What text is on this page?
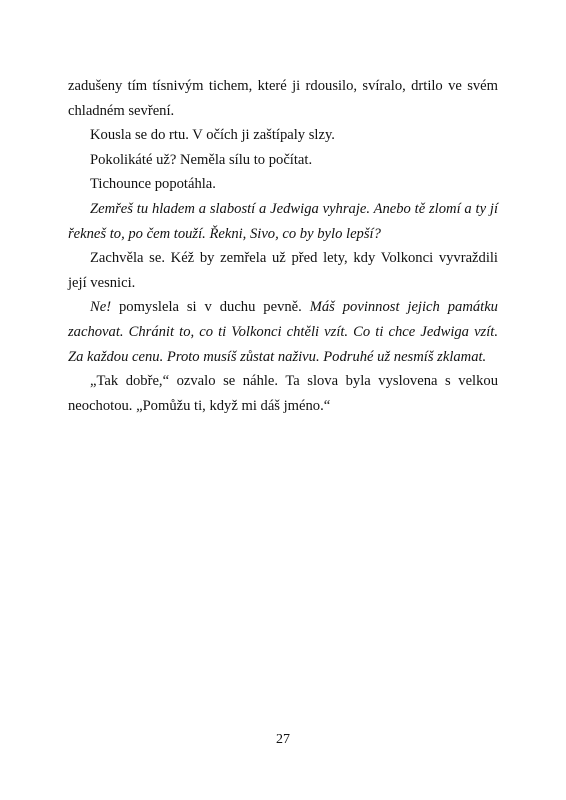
zadušeny tím tísnivým tichem, které ji rdousilo, svíralo, drtilo ve svém chladném sevření.

Kousla se do rtu. V očích ji zaštípaly slzy.

Pokolikáté už? Neměla sílu to počítat.

Tichounce popotáhla.

Zemřeš tu hladem a slabostí a Jedwiga vyhraje. Anebo tě zlomí a ty jí řekneš to, po čem touží. Řekni, Sivo, co by bylo lepší?

Zachvěla se. Kéž by zemřela už před lety, kdy Volkonci vyvraždili její vesnici.

Ne! pomyslela si v duchu pevně. Máš povinnost jejich památku zachovat. Chránit to, co ti Volkonci chtěli vzít. Co ti chce Jedwiga vzít. Za každou cenu. Proto musíš zůstat naživu. Podruhé už nesmíš zklamat.

„Tak dobře,“ ozvalo se náhle. Ta slova byla vyslovena s velkou neochotou. „Pomůžu ti, když mi dáš jméno.“

27
